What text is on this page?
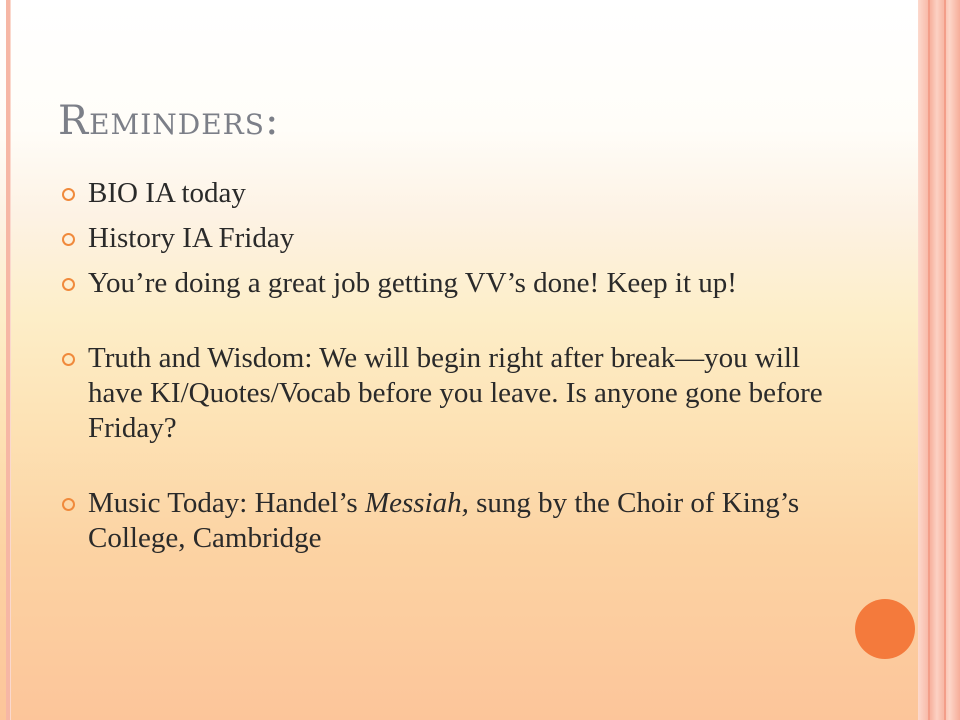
Reminders:
BIO IA today
History IA Friday
You’re doing a great job getting VV’s done! Keep it up!
Truth and Wisdom: We will begin right after break—you will have KI/Quotes/Vocab before you leave. Is anyone gone before Friday?
Music Today: Handel’s Messiah, sung by the Choir of King’s College, Cambridge
